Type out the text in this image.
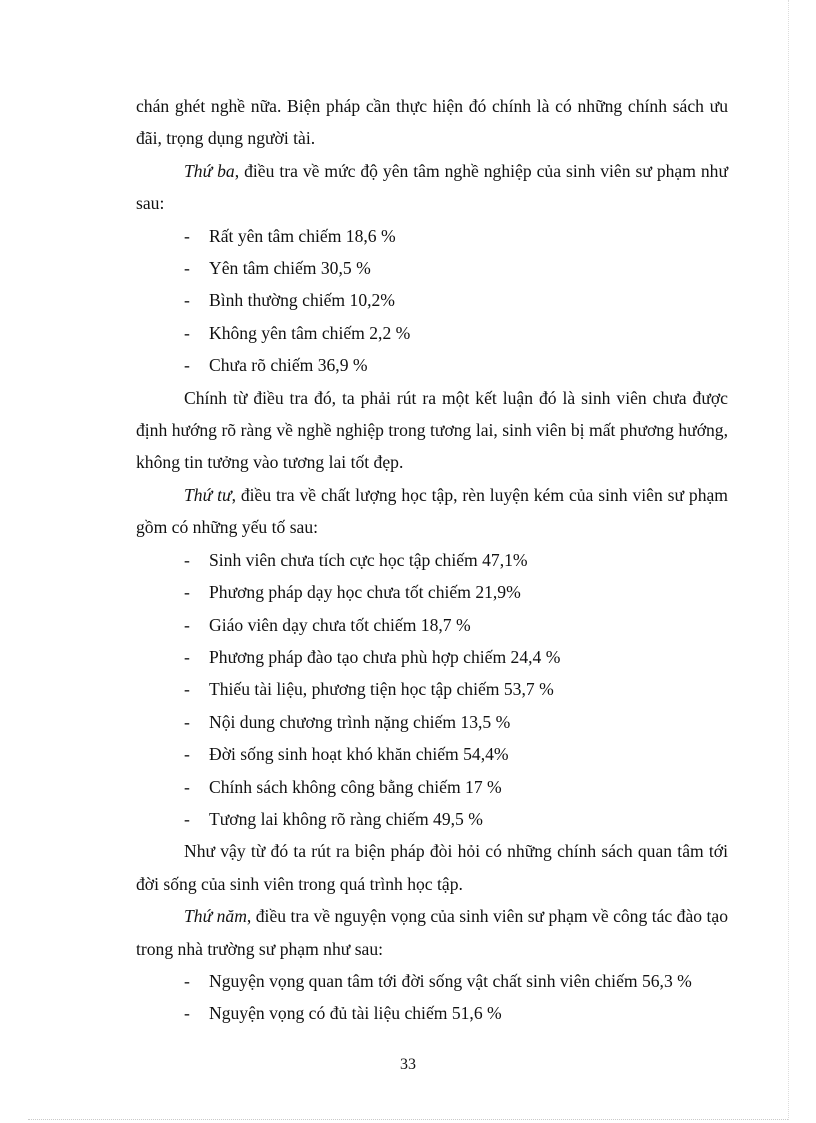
chán ghét nghề nữa. Biện pháp cần thực hiện đó chính là có những chính sách ưu đãi, trọng dụng người tài.

Thứ ba, điều tra về mức độ yên tâm nghề nghiệp của sinh viên sư phạm như sau:

- Rất yên tâm chiếm 18,6 %
- Yên tâm chiếm 30,5 %
- Bình thường chiếm 10,2%
- Không yên tâm chiếm 2,2 %
- Chưa rõ chiếm 36,9 %

Chính từ điều tra đó, ta phải rút ra một kết luận đó là sinh viên chưa được định hướng rõ ràng về nghề nghiệp trong tương lai, sinh viên bị mất phương hướng, không tin tưởng vào tương lai tốt đẹp.

Thứ tư, điều tra về chất lượng học tập, rèn luyện kém của sinh viên sư phạm gồm có những yếu tố sau:

- Sinh viên chưa tích cực học tập chiếm 47,1%
- Phương pháp dạy học chưa tốt chiếm 21,9%
- Giáo viên dạy chưa tốt chiếm 18,7 %
- Phương pháp đào tạo chưa phù hợp chiếm 24,4 %
- Thiếu tài liệu, phương tiện học tập chiếm 53,7 %
- Nội dung chương trình nặng chiếm 13,5 %
- Đời sống sinh hoạt khó khăn chiếm 54,4%
- Chính sách không công bằng chiếm 17 %
- Tương lai không rõ ràng chiếm 49,5 %

Như vậy từ đó ta rút ra biện pháp đòi hỏi có những chính sách quan tâm tới đời sống của sinh viên trong quá trình học tập.

Thứ năm, điều tra về nguyện vọng của sinh viên sư phạm về công tác đào tạo trong nhà trường sư phạm như sau:

- Nguyện vọng quan tâm tới đời sống vật chất sinh viên chiếm 56,3 %
- Nguyện vọng có đủ tài liệu chiếm 51,6 %
33
